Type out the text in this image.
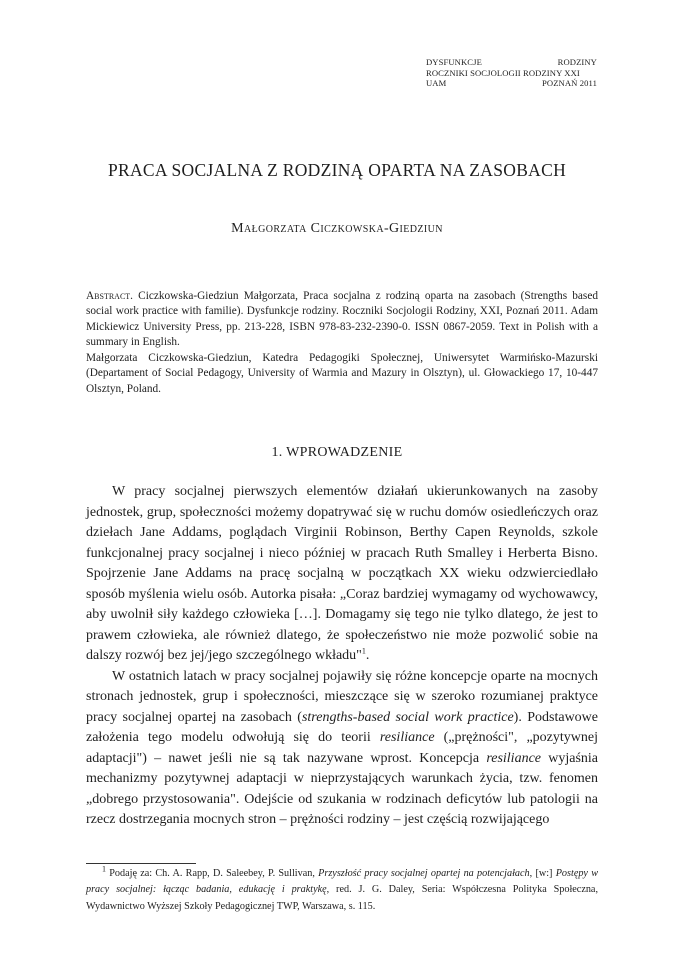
DYSFUNKCJE	RODZINY
ROCZNIKI SOCJOLOGII RODZINY XXI
UAM	POZNAŃ 2011
PRACA SOCJALNA Z RODZINĄ OPARTA NA ZASOBACH
Małgorzata Ciczkowska-Giedziun

Abstract. Ciczkowska-Giedziun Małgorzata, Praca socjalna z rodziną oparta na zasobach (Strengths based social work practice with familie). Dysfunkcje rodziny. Roczniki Socjologii Rodziny, XXI, Poznań 2011. Adam Mickiewicz University Press, pp. 213-228, ISBN 978-83-232-2390-0. ISSN 0867-2059. Text in Polish with a summary in English.

Małgorzata Ciczkowska-Giedziun, Katedra Pedagogiki Społecznej, Uniwersytet Warmińsko-Mazurski (Departament of Social Pedagogy, University of Warmia and Mazury in Olsztyn), ul. Głowackiego 17, 10-447 Olsztyn, Poland.

1. WPROWADZENIE

W pracy socjalnej pierwszych elementów działań ukierunkowanych na zasoby jednostek, grup, społeczności możemy dopatrywać się w ruchu domów osiedleńczych oraz dziełach Jane Addams, poglądach Virginii Robinson, Berthy Capen Reynolds, szkole funkcjonalnej pracy socjalnej i nieco później w pracach Ruth Smalley i Herberta Bisno. Spojrzenie Jane Addams na pracę socjalną w początkach XX wieku odzwierciedlało sposób myślenia wielu osób. Autorka pisała: „Coraz bardziej wymagamy od wychowawcy, aby uwolnił siły każdego człowieka […]. Domagamy się tego nie tylko dlatego, że jest to prawem człowieka, ale również dlatego, że społeczeństwo nie może pozwolić sobie na dalszy rozwój bez jej/jego szczególnego wkładu"$^1$.

W ostatnich latach w pracy socjalnej pojawiły się różne koncepcje oparte na mocnych stronach jednostek, grup i społeczności, mieszczące się w szeroko rozumianej praktyce pracy socjalnej opartej na zasobach (strengths-based social work practice). Podstawowe założenia tego modelu odwołują się do teorii resiliance („prężności", „pozytywnej adaptacji") – nawet jeśli nie są tak nazywane wprost. Koncepcja resiliance wyjaśnia mechanizmy pozytywnej adaptacji w nieprzystających warunkach życia, tzw. fenomen „dobrego przystosowania". Odejście od szukania w rodzinach deficytów lub patologii na rzecz dostrzegania mocnych stron – prężności rodziny – jest częścią rozwijającego

$^1$ Podaję za: Ch. A. Rapp, D. Saleebey, P. Sullivan, Przyszłość pracy socjalnej opartej na potencjałach, [w:] Postępy w pracy socjalnej: łącząc badania, edukację i praktykę, red. J. G. Daley, Seria: Współczesna Polityka Społeczna, Wydawnictwo Wyższej Szkoły Pedagogicznej TWP, Warszawa, s. 115.
